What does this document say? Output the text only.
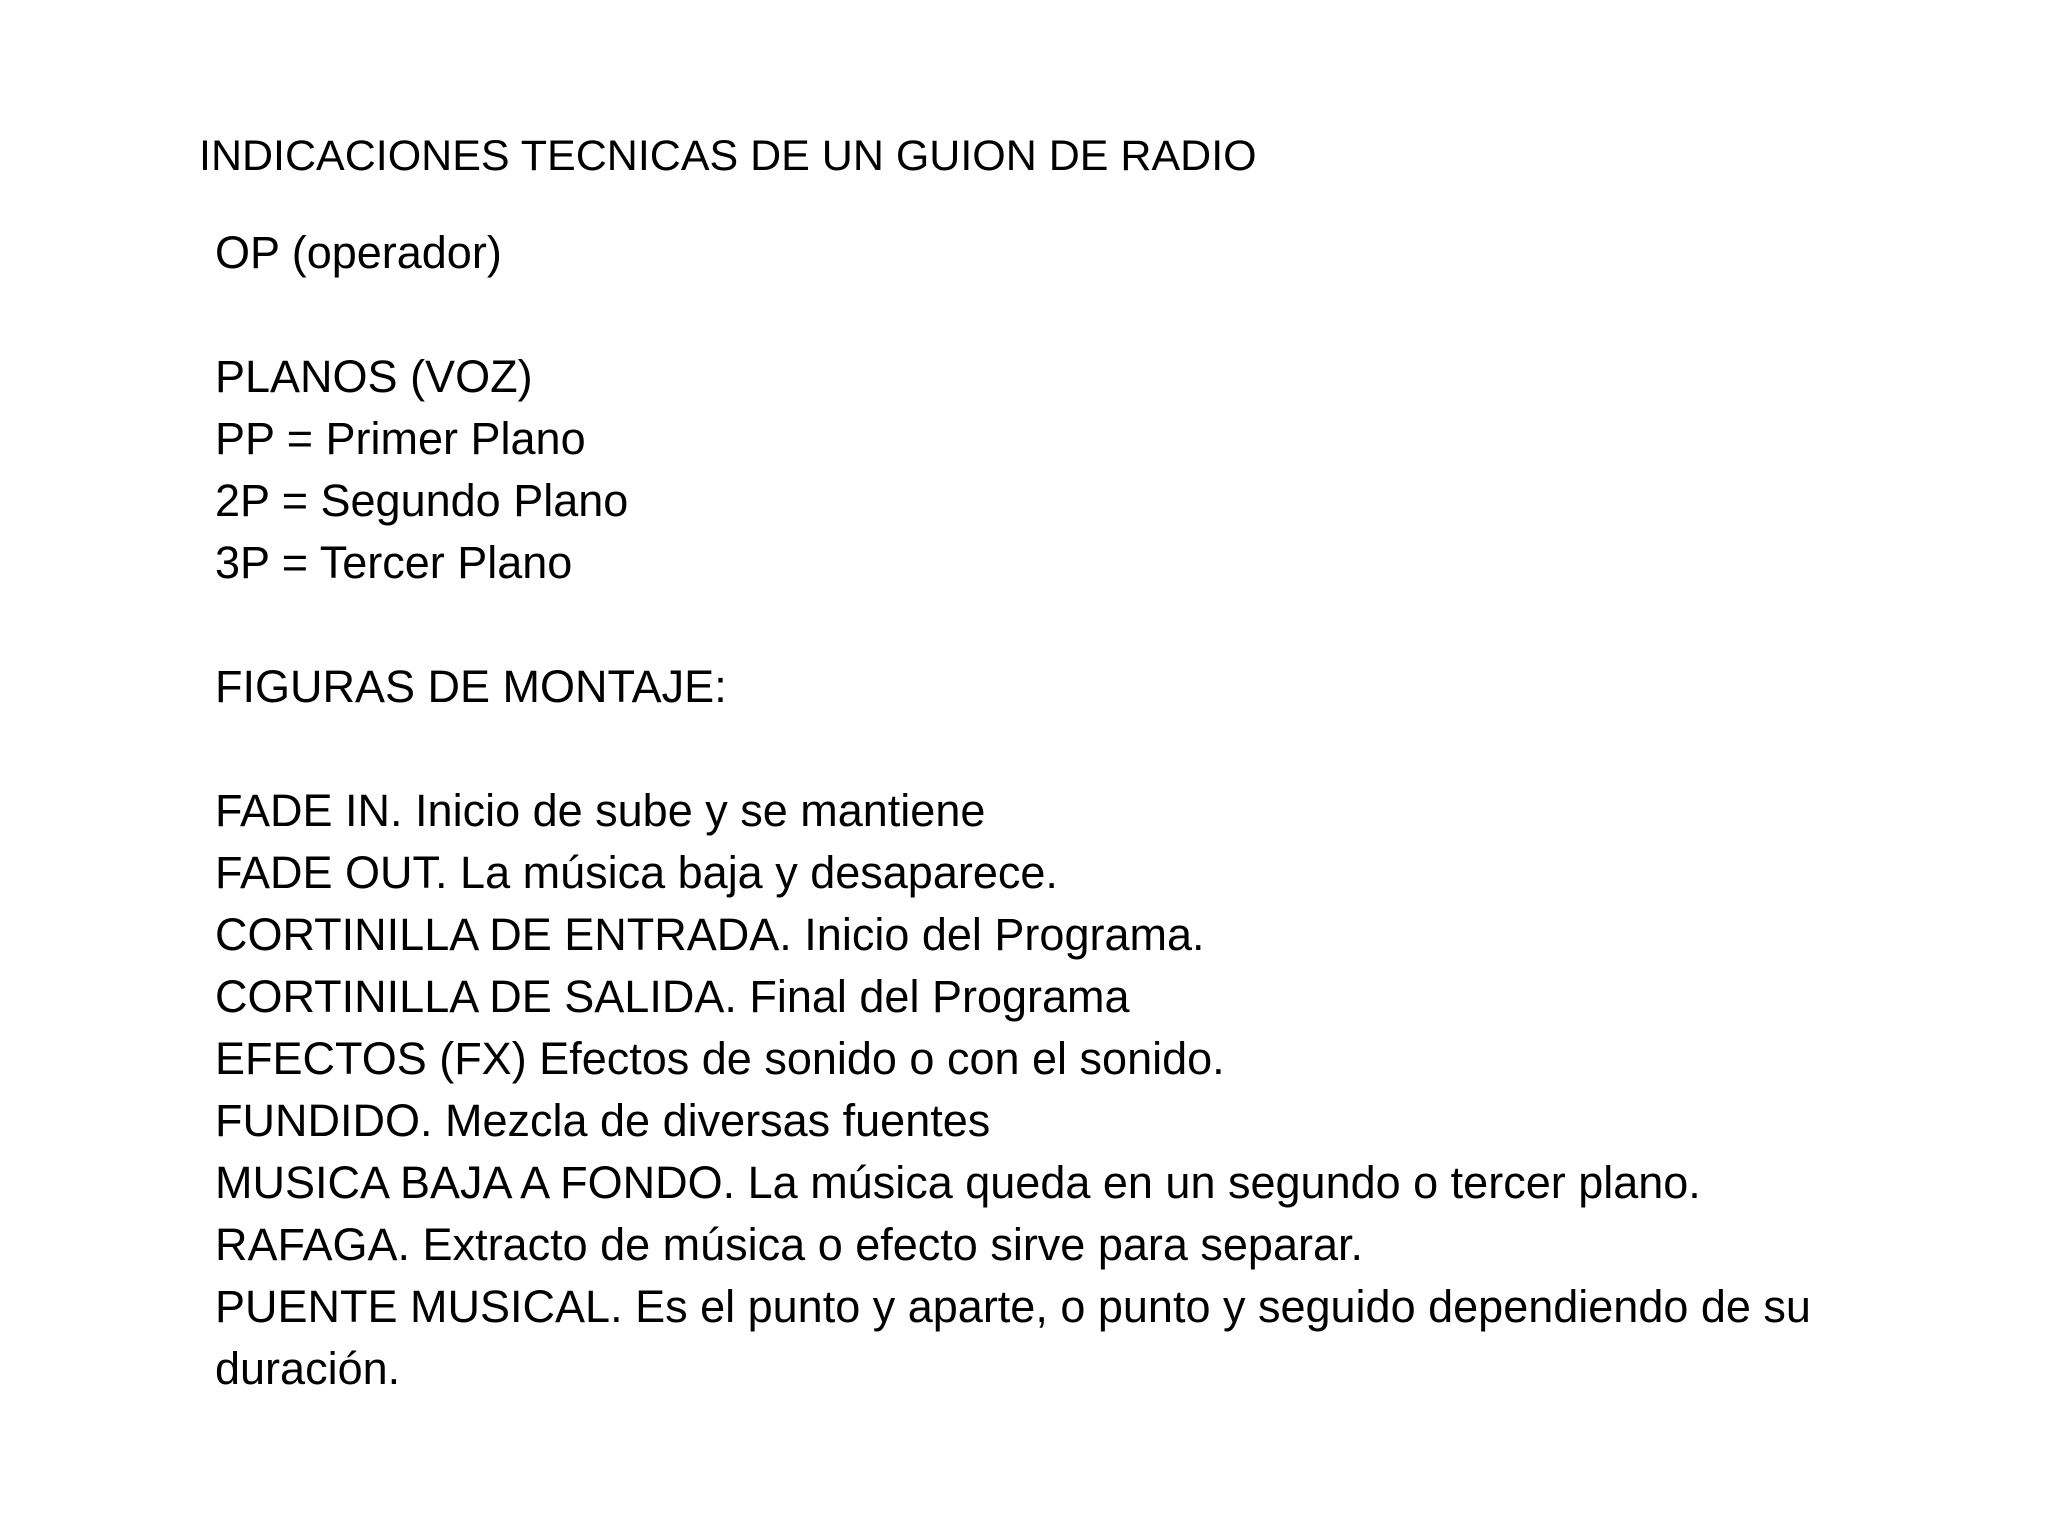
INDICACIONES TECNICAS DE UN GUION DE RADIO
OP (operador)
PLANOS (VOZ)
PP = Primer Plano
2P = Segundo Plano
3P = Tercer Plano
FIGURAS DE MONTAJE:
FADE IN. Inicio de sube y se mantiene
FADE OUT. La música baja y desaparece.
CORTINILLA DE ENTRADA. Inicio del Programa.
CORTINILLA DE SALIDA. Final del Programa
EFECTOS (FX) Efectos de sonido o con el sonido.
FUNDIDO. Mezcla de diversas fuentes
MUSICA BAJA A FONDO. La música queda en un segundo o tercer plano.
RAFAGA. Extracto de música o efecto sirve para separar.
PUENTE MUSICAL. Es el punto y aparte, o punto y seguido dependiendo de su duración.
